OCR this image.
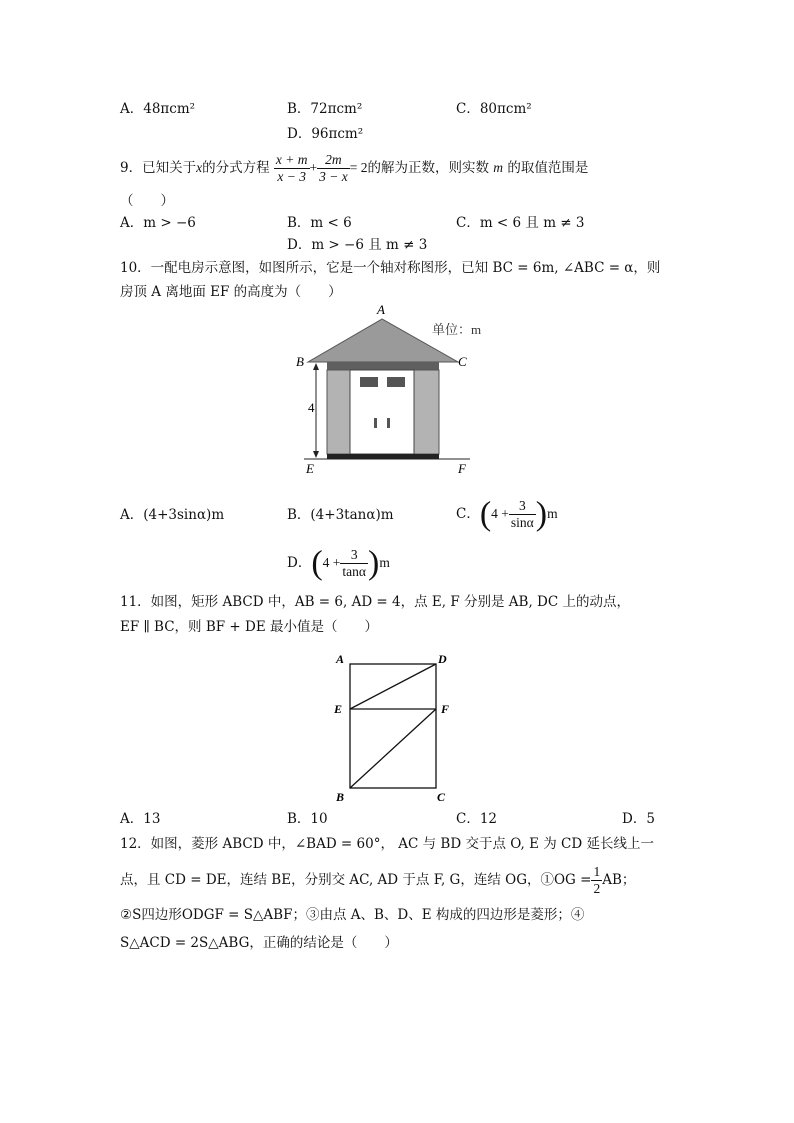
A．48πcm²	B．72πcm²	C．80πcm²
D．96πcm²
9．已知关于x的分式方程 $\frac{x + m}{x - 3} + \frac{2m}{3 - x} = 2$的解为正数，则实数 m 的取值范围是
（　　）
A．m > −6	B．m < 6	C．m < 6 且 m ≠ 3
D．m > −6 且 m ≠ 3
10．一配电房示意图，如图所示，它是一个轴对称图形，已知 BC = 6m, ∠ABC = α，则
房顶 A 离地面 EF 的高度为（　　）
A
B	C
4
E	F
单位：m
A．(4+3sinα)m	B．(4+3tanα)m	C．$(4 + \frac{3}{\sin\alpha} )m$
D．$(4 + \frac{3}{\tan\alpha} )m$
11．如图，矩形 ABCD 中，AB = 6, AD = 4，点 E, F 分别是 AB, DC 上的动点，
EF ∥ BC，则 BF + DE 最小值是（　　）
A	D
E	F
B	C
A．13	B．10	C．12	D．5
12．如图，菱形 ABCD 中，∠BAD = 60°， AC 与 BD 交于点 O, E 为 CD 延长线上一
点，且 CD = DE，连结 BE，分别交 AC, AD 于点 F, G，连结 OG，①OG = $\frac{1}{2}$ AB；
②S四边形ODGF = S△ABF；③由点 A、B、D、E 构成的四边形是菱形；④
S△ACD = 2S△ABG，正确的结论是（　　）
